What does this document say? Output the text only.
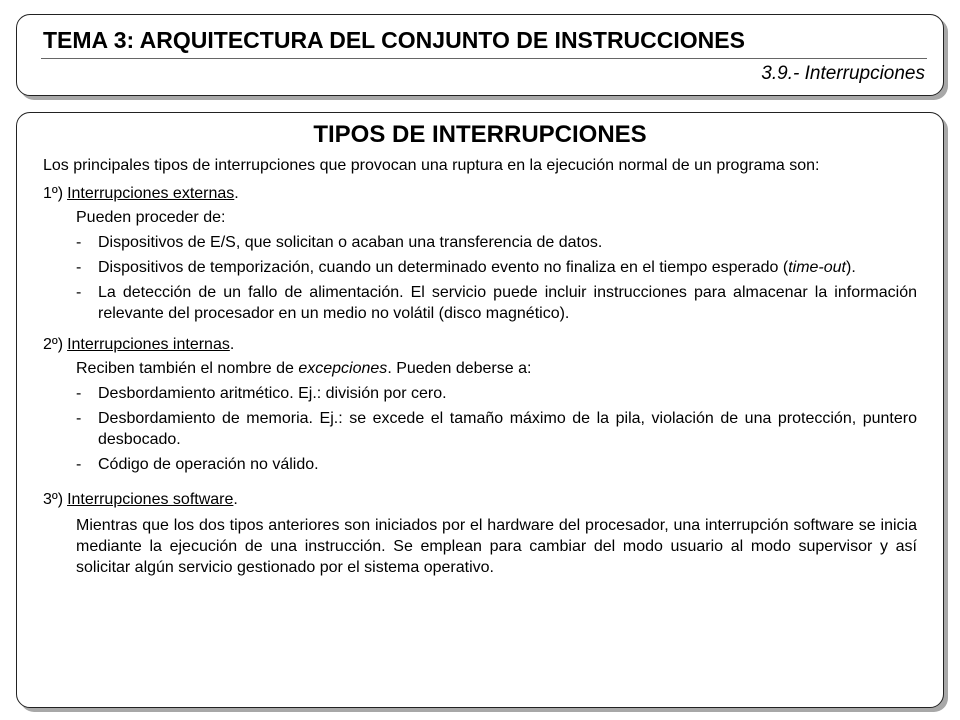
TEMA 3: ARQUITECTURA DEL CONJUNTO DE INSTRUCCIONES
3.9.- Interrupciones
TIPOS DE INTERRUPCIONES

Los principales tipos de interrupciones que provocan una ruptura en la ejecución normal de un programa son:

1º) Interrupciones externas.

Pueden proceder de:
-	Dispositivos de E/S, que solicitan o acaban una transferencia de datos.
-	Dispositivos de temporización, cuando un determinado evento no finaliza en el tiempo esperado (time-out).
-	La detección de un fallo de alimentación. El servicio puede incluir instrucciones para almacenar la información relevante del procesador en un medio no volátil (disco magnético).

2º) Interrupciones internas.

Reciben también el nombre de excepciones. Pueden deberse a:
-	Desbordamiento aritmético. Ej.: división por cero.
-	Desbordamiento de memoria. Ej.: se excede el tamaño máximo de la pila, violación de una protección, puntero desbocado.
-	Código de operación no válido.

3º) Interrupciones software.

Mientras que los dos tipos anteriores son iniciados por el hardware del procesador, una interrupción software se inicia mediante la ejecución de una instrucción. Se emplean para cambiar del modo usuario al modo supervisor y así solicitar algún servicio gestionado por el sistema operativo.
